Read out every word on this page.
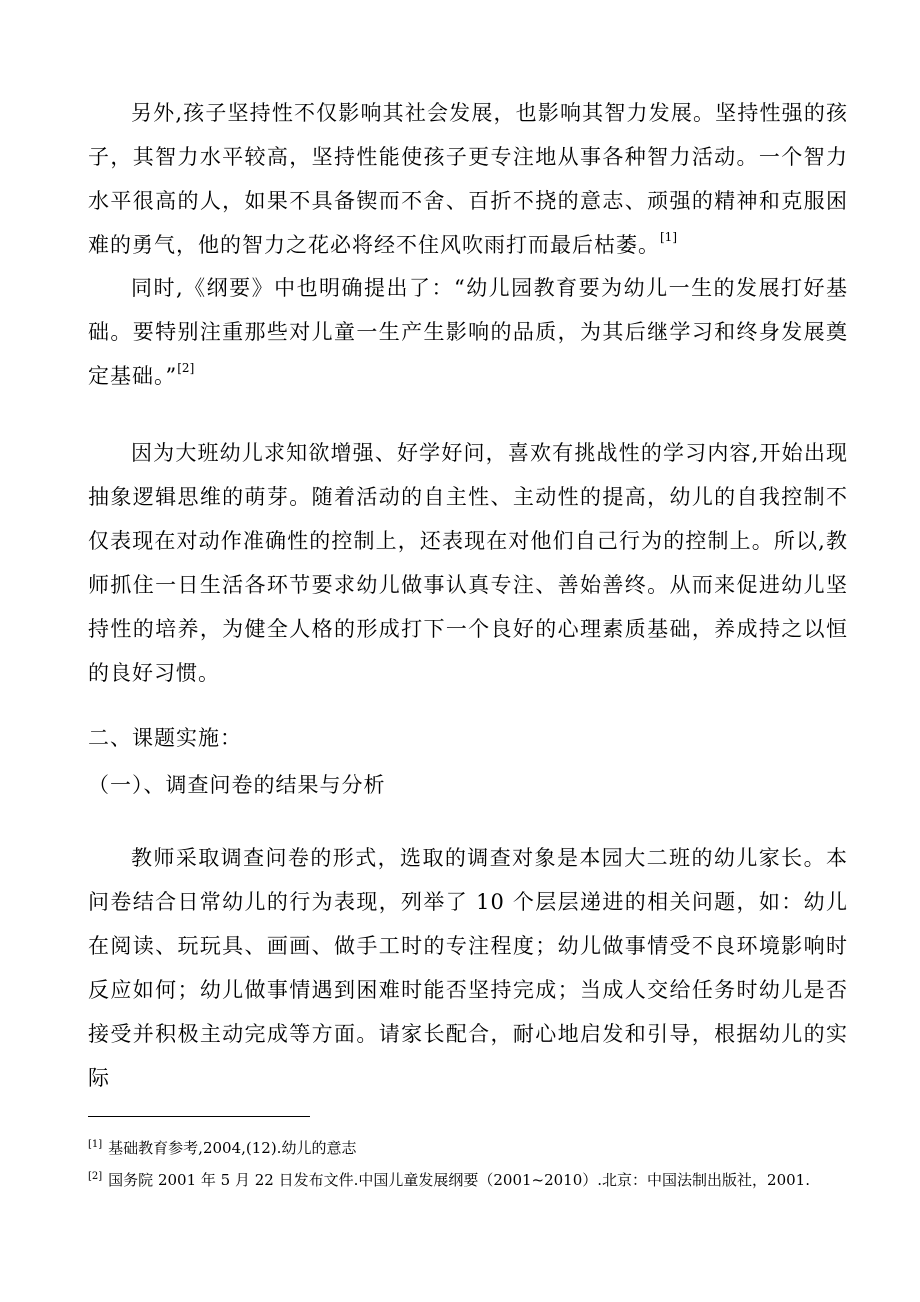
另外,孩子坚持性不仅影响其社会发展，也影响其智力发展。坚持性强的孩子，其智力水平较高，坚持性能使孩子更专注地从事各种智力活动。一个智力水平很高的人，如果不具备锲而不舍、百折不挠的意志、顽强的精神和克服困难的勇气，他的智力之花必将经不住风吹雨打而最后枯萎。[1]

同时,《纲要》中也明确提出了：“幼儿园教育要为幼儿一生的发展打好基础。要特别注重那些对儿童一生产生影响的品质，为其后继学习和终身发展奠定基础。”[2]

因为大班幼儿求知欲增强、好学好问，喜欢有挑战性的学习内容,开始出现抽象逻辑思维的萌芽。随着活动的自主性、主动性的提高，幼儿的自我控制不仅表现在对动作准确性的控制上，还表现在对他们自己行为的控制上。所以,教师抓住一日生活各环节要求幼儿做事认真专注、善始善终。从而来促进幼儿坚持性的培养，为健全人格的形成打下一个良好的心理素质基础，养成持之以恒的良好习惯。

二、课题实施：

（一）、调查问卷的结果与分析

教师采取调查问卷的形式，选取的调查对象是本园大二班的幼儿家长。本问卷结合日常幼儿的行为表现，列举了 10 个层层递进的相关问题，如：幼儿在阅读、玩玩具、画画、做手工时的专注程度；幼儿做事情受不良环境影响时反应如何；幼儿做事情遇到困难时能否坚持完成；当成人交给任务时幼儿是否接受并积极主动完成等方面。请家长配合，耐心地启发和引导，根据幼儿的实际

[1] 基础教育参考,2004,(12).幼儿的意志

[2] 国务院 2001 年 5 月 22 日发布文件.中国儿童发展纲要（2001~2010）.北京：中国法制出版社，2001.
